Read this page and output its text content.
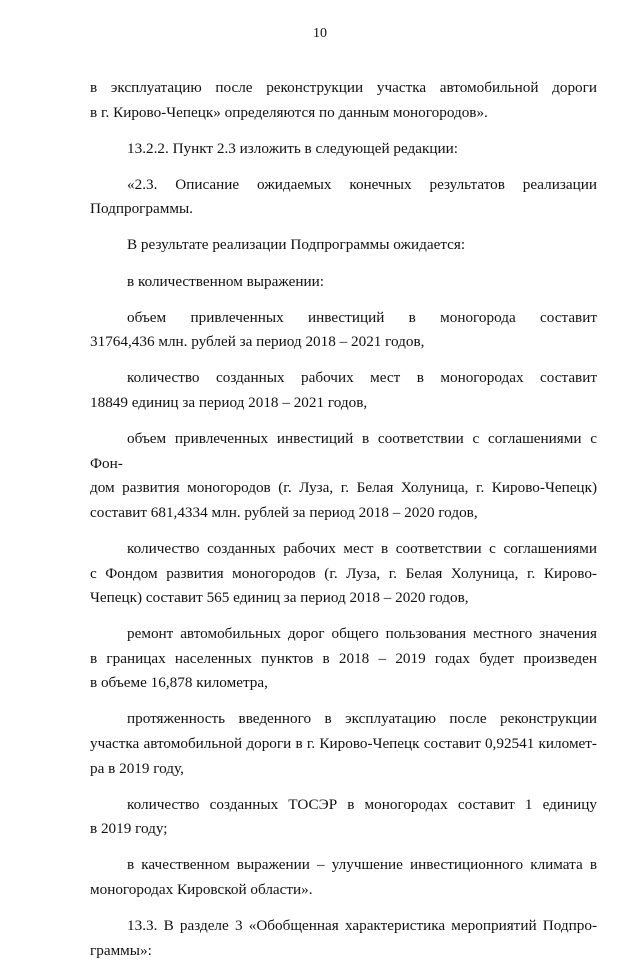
10
в эксплуатацию после реконструкции участка автомобильной дороги
в г. Кирово-Чепецк» определяются по данным моногородов».
13.2.2. Пункт 2.3 изложить в следующей редакции:
«2.3. Описание ожидаемых конечных результатов реализации
Подпрограммы.
В результате реализации Подпрограммы ожидается:
в количественном выражении:
объем привлеченных инвестиций в моногорода составит
31764,436 млн. рублей за период 2018 – 2021 годов,
количество созданных рабочих мест в моногородах составит
18849 единиц за период 2018 – 2021 годов,
объем привлеченных инвестиций в соответствии с соглашениями с Фон-
дом развития моногородов (г. Луза, г. Белая Холуница, г. Кирово-Чепецк)
составит 681,4334 млн. рублей за период 2018 – 2020 годов,
количество созданных рабочих мест в соответствии с соглашениями
с Фондом развития моногородов (г. Луза, г. Белая Холуница, г. Кирово-
Чепецк) составит 565 единиц за период 2018 – 2020 годов,
ремонт автомобильных дорог общего пользования местного значения
в границах населенных пунктов в 2018 – 2019 годах будет произведен
в объеме 16,878 километра,
протяженность введенного в эксплуатацию после реконструкции
участка автомобильной дороги в г. Кирово-Чепецк составит 0,92541 километ-
ра в 2019 году,
количество созданных ТОСЭР в моногородах составит 1 единицу
в 2019 году;
в качественном выражении – улучшение инвестиционного климата в
моногородах Кировской области».
13.3. В разделе 3 «Обобщенная характеристика мероприятий Подпро-
граммы»:
